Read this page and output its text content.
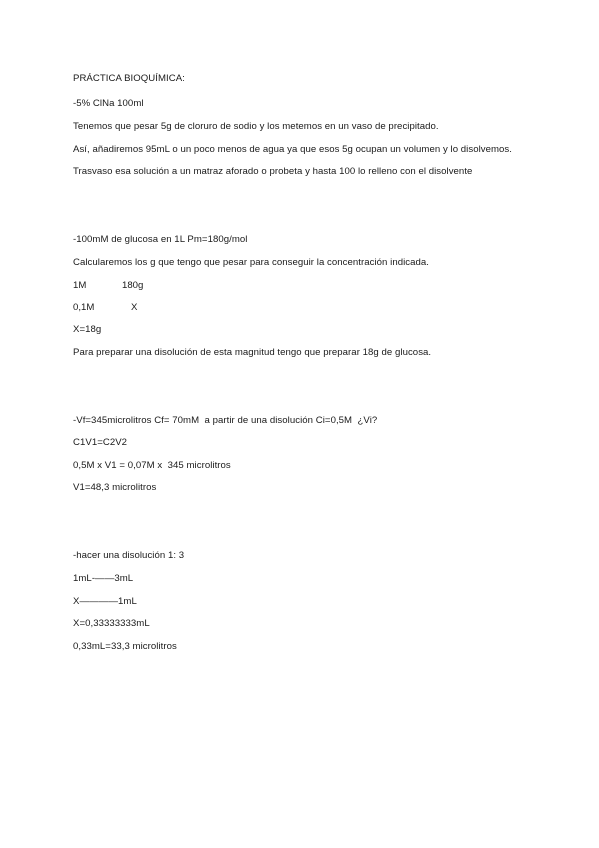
PRÁCTICA BIOQUÍMICA:
-5% ClNa 100ml
Tenemos que pesar 5g de cloruro de sodio y los metemos en un vaso de precipitado.
Así, añadiremos 95mL o un poco menos de agua ya que esos 5g ocupan un volumen y lo disolvemos.
Trasvaso esa solución a un matraz aforado o probeta y hasta 100 lo relleno con el disolvente
-100mM de glucosa en 1L Pm=180g/mol
Calcularemos los g que tengo que pesar para conseguir la concentración indicada.
1M	180g
0,1M	X
X=18g
Para preparar una disolución de esta magnitud tengo que preparar 18g de glucosa.
-Vf=345microlitros Cf= 70mM  a partir de una disolución Ci=0,5M  ¿Vi?
C1V1=C2V2
0,5M x V1 = 0,07M x  345 microlitros
V1=48,3 microlitros
-hacer una disolución 1: 3
1mL-——3mL
X————1mL
X=0,33333333mL
0,33mL=33,3 microlitros
